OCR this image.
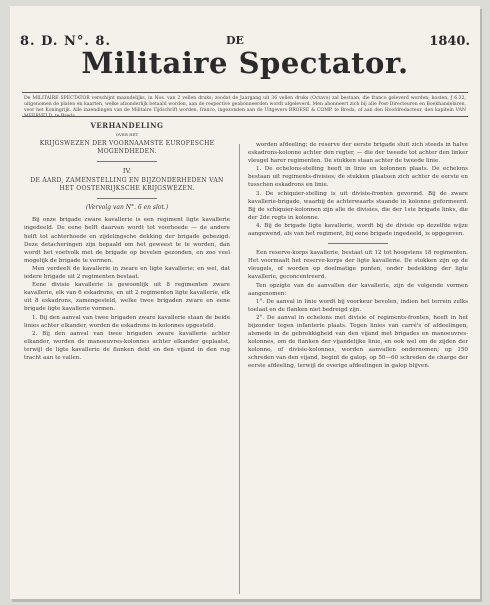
8. D. N°. 8.	DE	1840.
Militaire Spectator.
De MILITAIRE SPECTATOR verschijnt maandelijks, in Nos. van 2 vellen druks; zoodat de Jaargang uit 36 vellen druks (Octavo) zal bestaan, die franco geleverd worden; kosten, ƒ 6.32, uitgenomen de platen en kaarten, welke afzonderlijk betaald worden, aan de respective geabonneerden wordt afgeleverd. Men abonneert zich bij alle Post-Directeuren en Boekhandelaren, voor het Koningrijk. Alle inzendingen van de Militaire Tijdschrift worden, franco, ingezonden aan de Uitgevers BROESE & COMP. te Breda, of aan den Hoofdredacteur, den kapitein VAN
VERHANDELING
OVER HET
KRIJGSWEZEN DER VOORNAAMSTE EUROPESCHE MOGENDHEDEN.
IV.
DE AARD, ZAMENSTELLING EN BIJZONDERHEDEN VAN HET OOSTENRIJKSCHE KRIJGSWEZEN.
(Vervolg van N°. 6 en slot.)

Bij onze brigade zware kavallerie is een regiment ligte kavallerie ingedeeld. De eene helft daarvan wordt tot voorhoede — de andere helft tot achterhoede en zijdelingsche dekking der brigade gebezigd. Deze detacheringen zijn bepaald om het geweest te te worden, dan wordt het voetvolk met de brigade op bevelen gezonden, en zoo veel mogelijk de brigade te vormen.

Men verdeelt de kavallerie in zware en ligte kavallerie; en wel, dat iedere brigade uit 2 regimenten bestaat.

Eene divisie kavallerie is gewoonlijk uit 8 regimenten zware kavallerie, elk van 6 eskadrons, en uit 2 regimenten ligte kavallerie, elk uit 8 eskadrons, zamengesteld, welke twee brigaden zware en eene brigade ligte kavallerie vormen.

1. Bij den aanval van twee brigaden zware kavallerie staan de beide linies achter elkander, worden de eskadrons in kolonnes opgesteld.

2. Bij den aanval van twee brigaden zware kavallerie achter elkander, worden de manoeuvres-kolonnes achter elkander geplaatst, terwijl de ligte kavallerie de flanken dekt en den vijand in den rug tracht aan te vallen.

worden afdeeling; de reserve der eerste brigade sluit zich steeds in halve eskadrons-kolonne achter den regter, — die der tweede tot achter den linker vleugel harer regimenten. De stukken staan achter de tweede linie.

1. De echelons-stelling heeft in linie en kolonnen plaats. De echelons bestaan uit regiments-divisies; de stukken plaatsen zich achter de eerste en tusschen eskadrons en linie.

3. De schiquier-stelling is uit divisie-fronten gevormd. Bij de zware kavallerie-brigade, waarbij de achterwaarts staande in kolonne geformeerd. Bij de schiquier-kolonnen zijn alle de divisies, die der 1ste brigade links, die der 2de regts in kolonne.

4. Bij de brigade ligte kavallerie, wordt bij de divisie op dezelfde wijze aangewend, als van het regiment, bij eene brigade ingedeeld, is opgegeven.

Een reserve-korps kavallerie, bestaat uit 12 tot hoogstens 18 regimenten. Het voormaalt het reserve-korps der ligte kavallerie. De stukken zijn op de vleugels, of worden op doelmatige punten, onder bedekking der ligte kavallerie, geconcentreerd.

Ten opzigte van de aanvallen der kavallerie, zijn de volgende vormen aangenomen:

1°. De aanval in linie wordt bij voorkeur bevolen, indien het terrein zulks toelaat en de flanken niet bedreigd zijn.

2°. De aanval in echelons met divisie of regiments-fronten, heeft in het bijzonder tegen infanterie plaats. Tegen linies van carré's of afdeelingen, alsmede in de gebrekkigheid van den vijand met brigades en manoeuvres-kolonnes, om de flanken der vijandelijke linie, en ook wel om de zijden der kolonne, of divisie-kolonnes, worden aanvallen ondernomen; op 150 schreden van den vijand, begint de galop, op 50—60 schreden de charge der eerste afdeeling, terwijl de overige afdeelingen in galop blijven.
